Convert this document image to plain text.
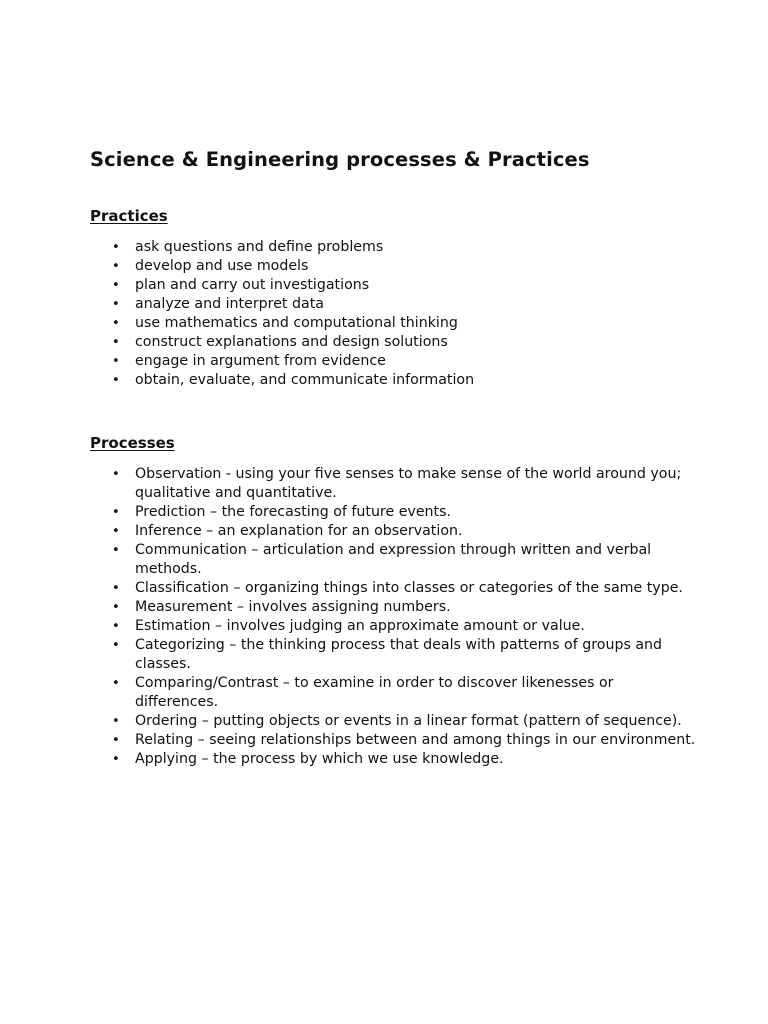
Science & Engineering processes & Practices
Practices
• ask questions and define problems
• develop and use models
• plan and carry out investigations
• analyze and interpret data
• use mathematics and computational thinking
• construct explanations and design solutions
• engage in argument from evidence
• obtain, evaluate, and communicate information
Processes
• Observation - using your five senses to make sense of the world around you; qualitative and quantitative.
• Prediction – the forecasting of future events.
• Inference – an explanation for an observation.
• Communication – articulation and expression through written and verbal methods.
• Classification – organizing things into classes or categories of the same type.
• Measurement – involves assigning numbers.
• Estimation – involves judging an approximate amount or value.
• Categorizing – the thinking process that deals with patterns of groups and classes.
• Comparing/Contrast – to examine in order to discover likenesses or differences.
• Ordering – putting objects or events in a linear format (pattern of sequence).
• Relating – seeing relationships between and among things in our environment.
• Applying – the process by which we use knowledge.
